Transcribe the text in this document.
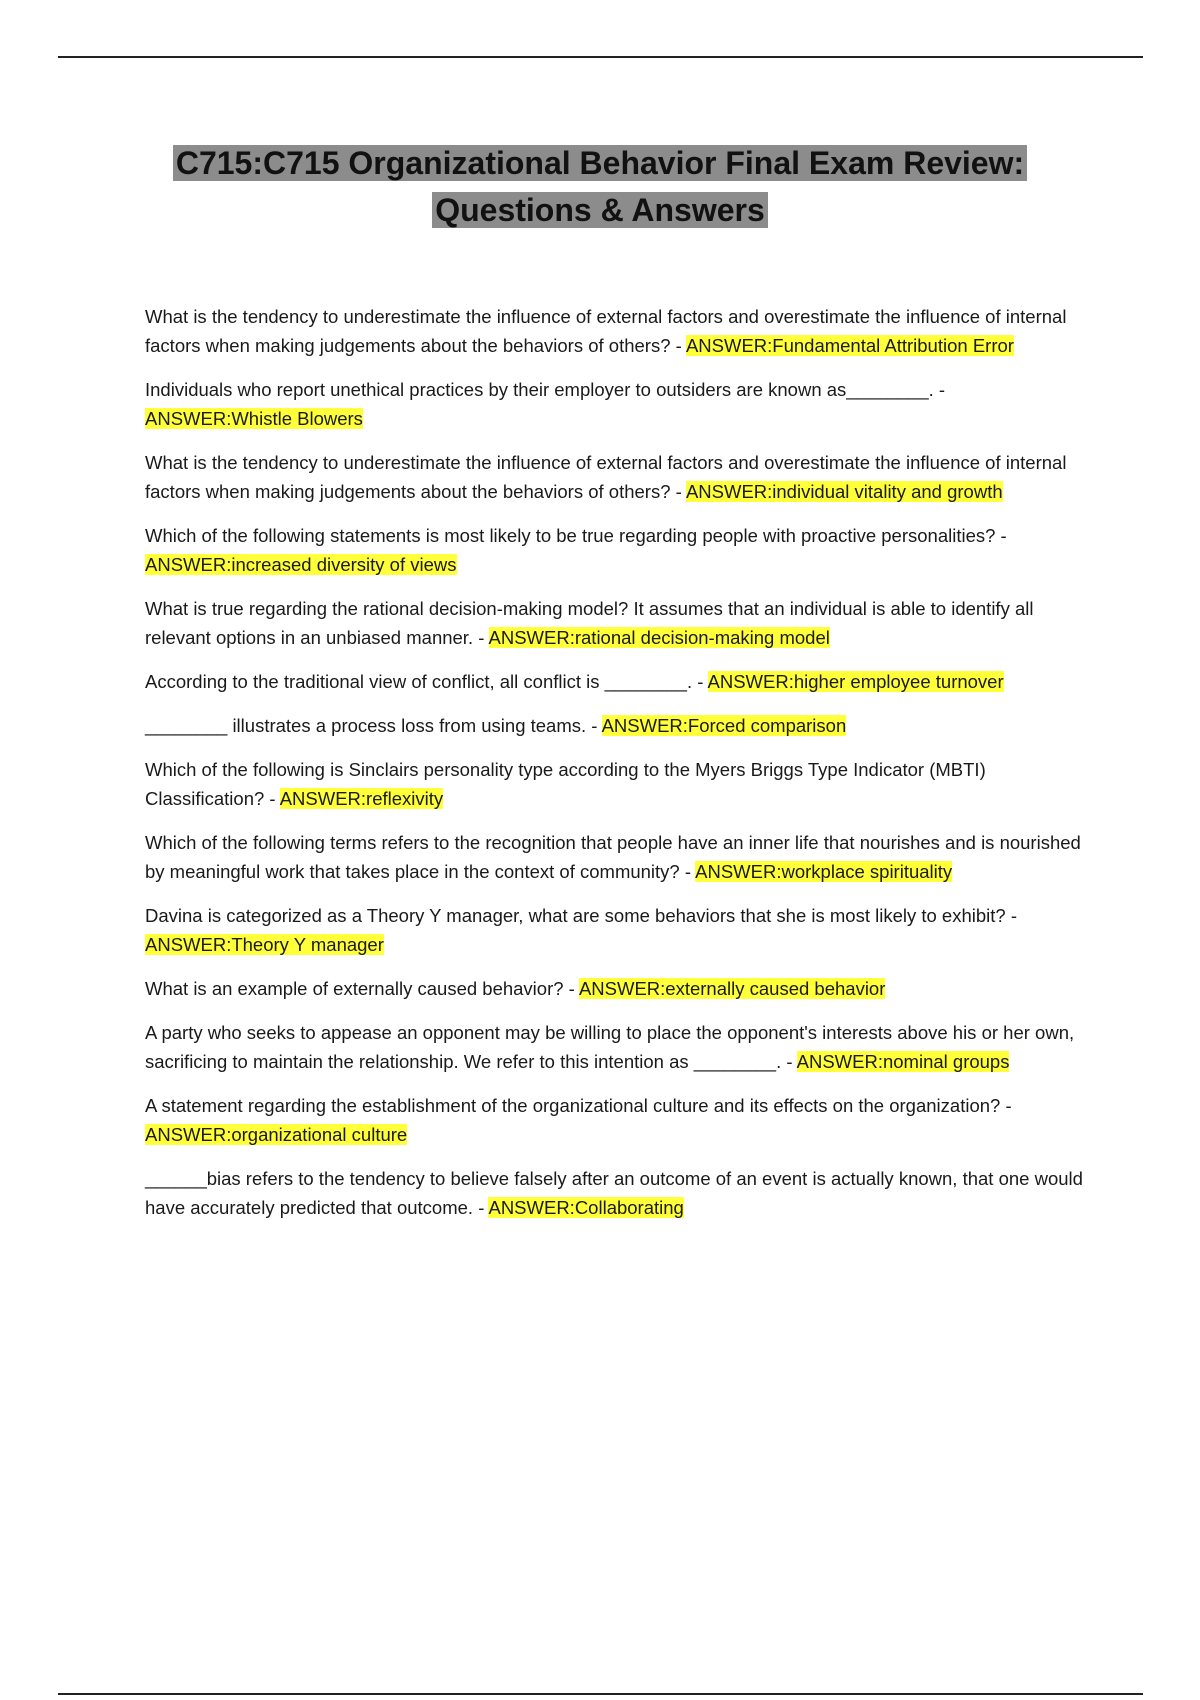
C715:C715 Organizational Behavior Final Exam Review:
Questions & Answers

What is the tendency to underestimate the influence of external factors and overestimate the influence of internal factors when making judgements about the behaviors of others? - ANSWER:Fundamental Attribution Error

Individuals who report unethical practices by their employer to outsiders are known as________. - ANSWER:Whistle Blowers

What is the tendency to underestimate the influence of external factors and overestimate the influence of internal factors when making judgements about the behaviors of others? - ANSWER:individual vitality and growth

Which of the following statements is most likely to be true regarding people with proactive personalities? - ANSWER:increased diversity of views

What is true regarding the rational decision-making model? It assumes that an individual is able to identify all relevant options in an unbiased manner. - ANSWER:rational decision-making model

According to the traditional view of conflict, all conflict is ________. - ANSWER:higher employee turnover

________ illustrates a process loss from using teams. - ANSWER:Forced comparison

Which of the following is Sinclairs personality type according to the Myers Briggs Type Indicator (MBTI) Classification? - ANSWER:reflexivity

Which of the following terms refers to the recognition that people have an inner life that nourishes and is nourished by meaningful work that takes place in the context of community? - ANSWER:workplace spirituality

Davina is categorized as a Theory Y manager, what are some behaviors that she is most likely to exhibit? - ANSWER:Theory Y manager

What is an example of externally caused behavior? - ANSWER:externally caused behavior

A party who seeks to appease an opponent may be willing to place the opponent's interests above his or her own, sacrificing to maintain the relationship. We refer to this intention as ________. - ANSWER:nominal groups

A statement regarding the establishment of the organizational culture and its effects on the organization? - ANSWER:organizational culture

______bias refers to the tendency to believe falsely after an outcome of an event is actually known, that one would have accurately predicted that outcome. - ANSWER:Collaborating
